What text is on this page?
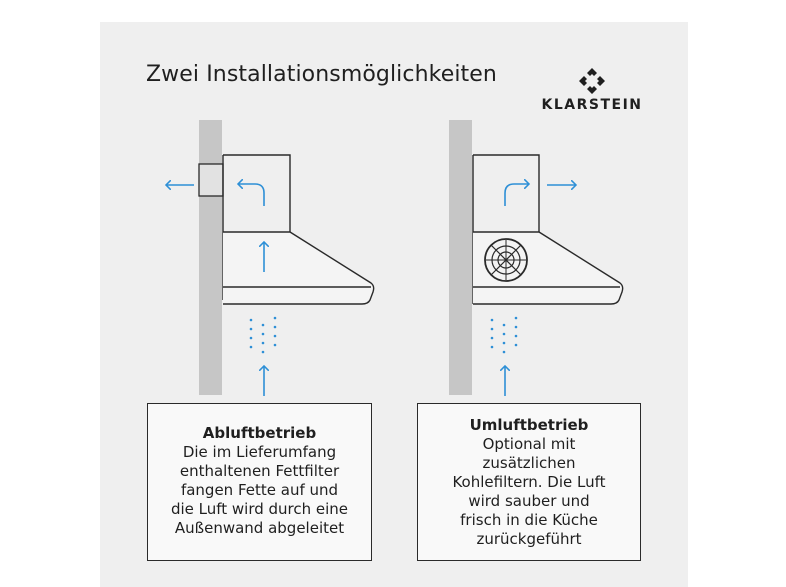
Zwei Installationsmöglichkeiten
KLARSTEIN
Abluftbetrieb
Die im Lieferumfang
enthaltenen Fettfilter
fangen Fette auf und
die Luft wird durch eine
Außenwand abgeleitet
Umluftbetrieb
Optional mit
zusätzlichen
Kohlefiltern. Die Luft
wird sauber und
frisch in die Küche
zurückgeführt
